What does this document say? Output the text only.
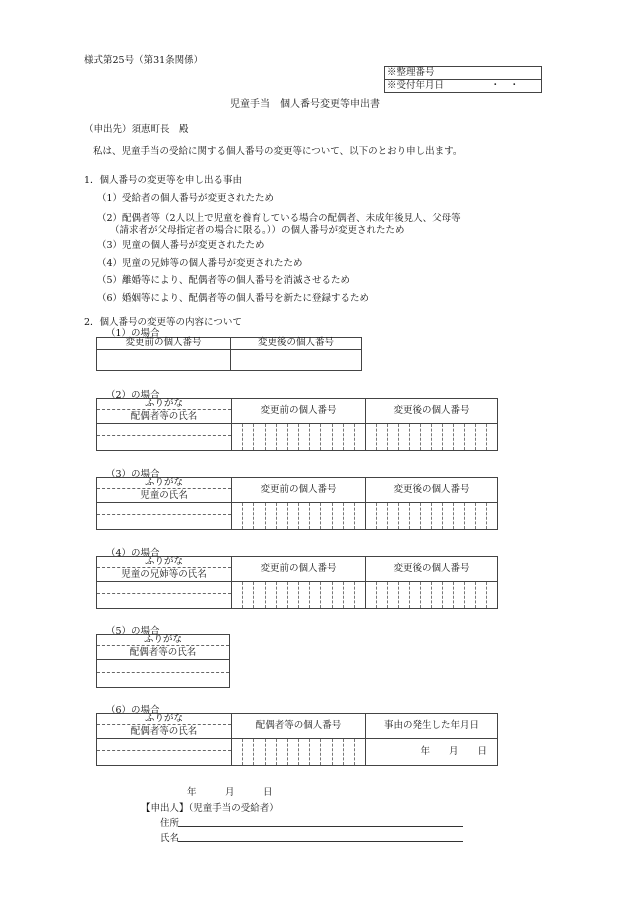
様式第25号（第31条関係）
※整理番号
※受付年月日	・　・
児童手当　個人番号変更等申出書
（申出先）須恵町長　殿
私は、児童手当の受給に関する個人番号の変更等について、以下のとおり申し出ます。
1．個人番号の変更等を申し出る事由
（1）受給者の個人番号が変更されたため
（2）配偶者等（2人以上で児童を養育している場合の配偶者、未成年後見人、父母等
（請求者が父母指定者の場合に限る。））の個人番号が変更されたため
（3）児童の個人番号が変更されたため
（4）児童の兄姉等の個人番号が変更されたため
（5）離婚等により、配偶者等の個人番号を消滅させるため
（6）婚姻等により、配偶者等の個人番号を新たに登録するため
2．個人番号の変更等の内容について
（1）の場合
変更前の個人番号	変更後の個人番号

（2）の場合
ふりがな	変更前の個人番号	変更後の個人番号
配偶者等の氏名		

（3）の場合
ふりがな	変更前の個人番号	変更後の個人番号
児童の氏名		

（4）の場合
ふりがな	変更前の個人番号	変更後の個人番号
児童の兄姉等の氏名		

（5）の場合
ふりがな
配偶者等の氏名

（6）の場合
ふりがな	配偶者等の個人番号	事由の発生した年月日
配偶者等の氏名		

	年　　月　　日

年　　　月　　　日
【申出人】（児童手当の受給者）
住所
氏名
